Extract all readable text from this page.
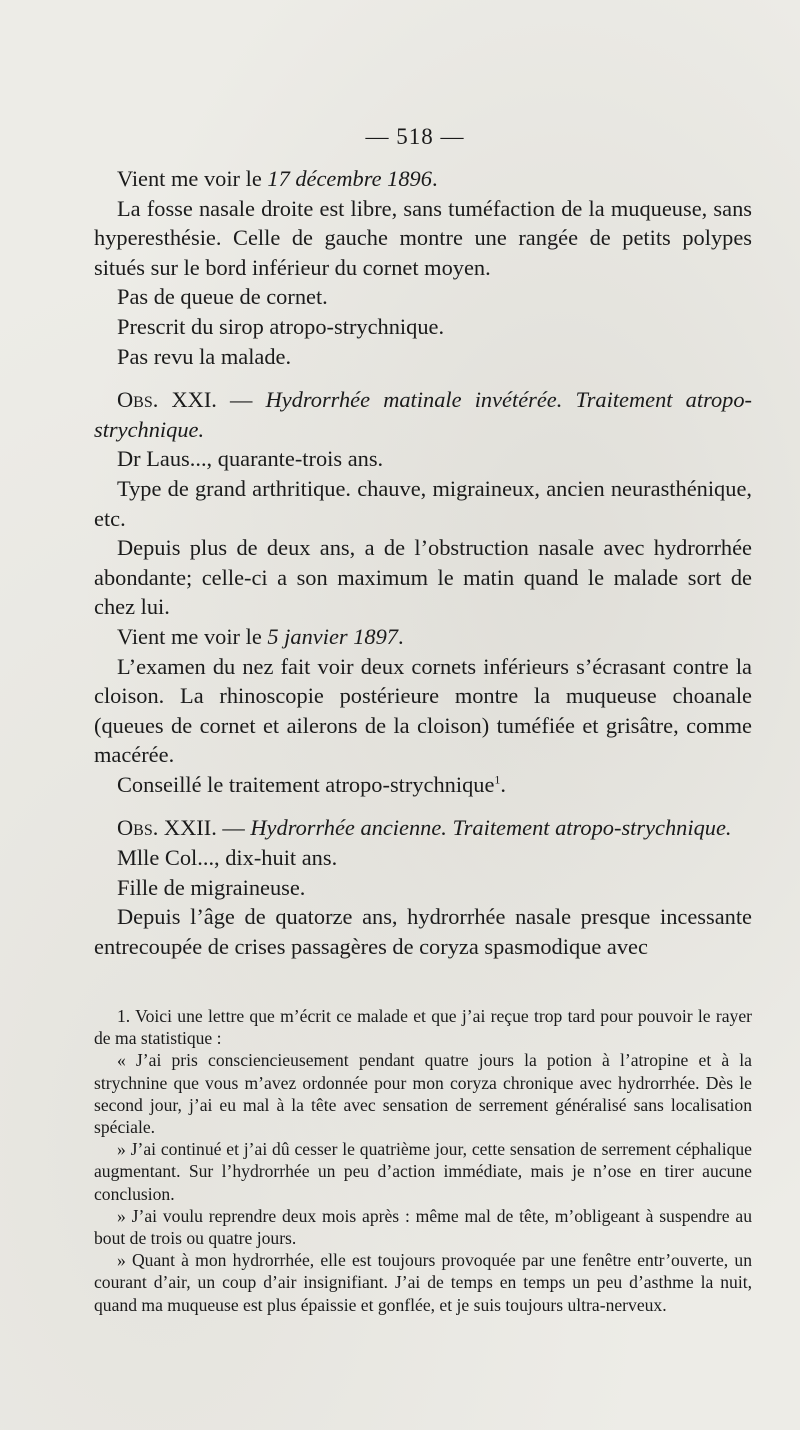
— 518 —

Vient me voir le 17 décembre 1896.

La fosse nasale droite est libre, sans tuméfaction de la muqueuse, sans hyperesthésie. Celle de gauche montre une rangée de petits polypes situés sur le bord inférieur du cornet moyen.

Pas de queue de cornet.

Prescrit du sirop atropo-strychnique.

Pas revu la malade.

Obs. XXI. — Hydrorrhée matinale invétérée. Traitement atropo-strychnique.

Dr Laus..., quarante-trois ans.

Type de grand arthritique. chauve, migraineux, ancien neurasthénique, etc.

Depuis plus de deux ans, a de l’obstruction nasale avec hydrorrhée abondante; celle-ci a son maximum le matin quand le malade sort de chez lui.

Vient me voir le 5 janvier 1897.

L’examen du nez fait voir deux cornets inférieurs s’écrasant contre la cloison. La rhinoscopie postérieure montre la muqueuse choanale (queues de cornet et ailerons de la cloison) tuméfiée et grisâtre, comme macérée.

Conseillé le traitement atropo-strychnique$^1$.

Obs. XXII. — Hydrorrhée ancienne. Traitement atropo-strychnique.

Mlle Col..., dix-huit ans.

Fille de migraineuse.

Depuis l’âge de quatorze ans, hydrorrhée nasale presque incessante entrecoupée de crises passagères de coryza spasmodique avec

1. Voici une lettre que m’écrit ce malade et que j’ai reçue trop tard pour pouvoir le rayer de ma statistique :

« J’ai pris consciencieusement pendant quatre jours la potion à l’atropine et à la strychnine que vous m’avez ordonnée pour mon coryza chronique avec hydrorrhée. Dès le second jour, j’ai eu mal à la tête avec sensation de serrement généralisé sans localisation spéciale.

» J’ai continué et j’ai dû cesser le quatrième jour, cette sensation de serrement céphalique augmentant. Sur l’hydrorrhée un peu d’action immédiate, mais je n’ose en tirer aucune conclusion.

» J’ai voulu reprendre deux mois après : même mal de tête, m’obligeant à suspendre au bout de trois ou quatre jours.

» Quant à mon hydrorrhée, elle est toujours provoquée par une fenêtre entr’ouverte, un courant d’air, un coup d’air insignifiant. J’ai de temps en temps un peu d’asthme la nuit, quand ma muqueuse est plus épaissie et gonflée, et je suis toujours ultra-nerveux.
